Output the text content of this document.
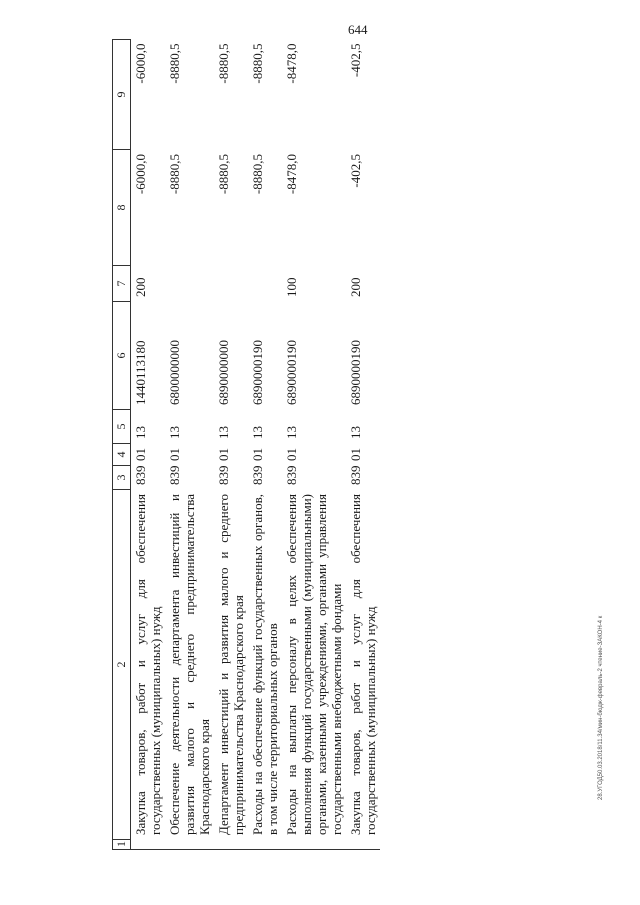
644
28.УГОД50.03.2018/11.34/мин-бюдж-февраль-2 чтение-ЗАКОН-4 к
1	2	3	4	5	6	7	8	9
	Закупка товаров, работ и услуг для обеспечения государственных (муниципальных) нужд	839	01	13	1440113180	200	-6000,0	-6000,0
	Обеспечение деятельности департамента инвестиций и развития малого и среднего предпринимательства Краснодарского края	839	01	13	6800000000		-8880,5	-8880,5
	Департамент инвестиций и развития малого и среднего предпринимательства Краснодарского края	839	01	13	6890000000		-8880,5	-8880,5
	Расходы на обеспечение функций государственных органов, в том числе территориальных органов	839	01	13	6890000190		-8880,5	-8880,5
	Расходы на выплаты персоналу в целях обеспечения выполнения функций государственными (муниципальными) органами, казенными учреждениями, органами управления государственными внебюджетными фондами	839	01	13	6890000190	100	-8478,0	-8478,0
	Закупка товаров, работ и услуг для обеспечения государственных (муниципальных) нужд	839	01	13	6890000190	200	-402,5	-402,5
